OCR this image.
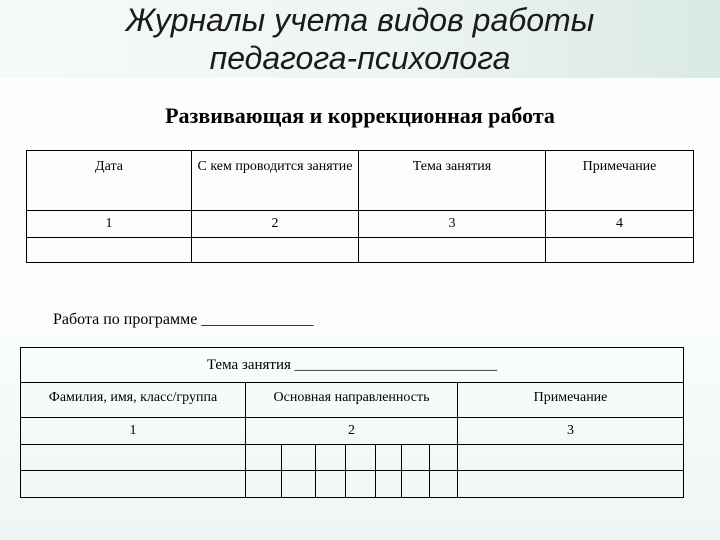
Журналы учета видов работы
педагога-психолога
Развивающая и коррекционная работа
Дата	С кем проводится занятие	Тема занятия	Примечание
1	2	3	4

Работа по программе ______________
Тема занятия ___________________________
Фамилия, имя, класс/группа	Основная направленность	Примечание
1	2	3
